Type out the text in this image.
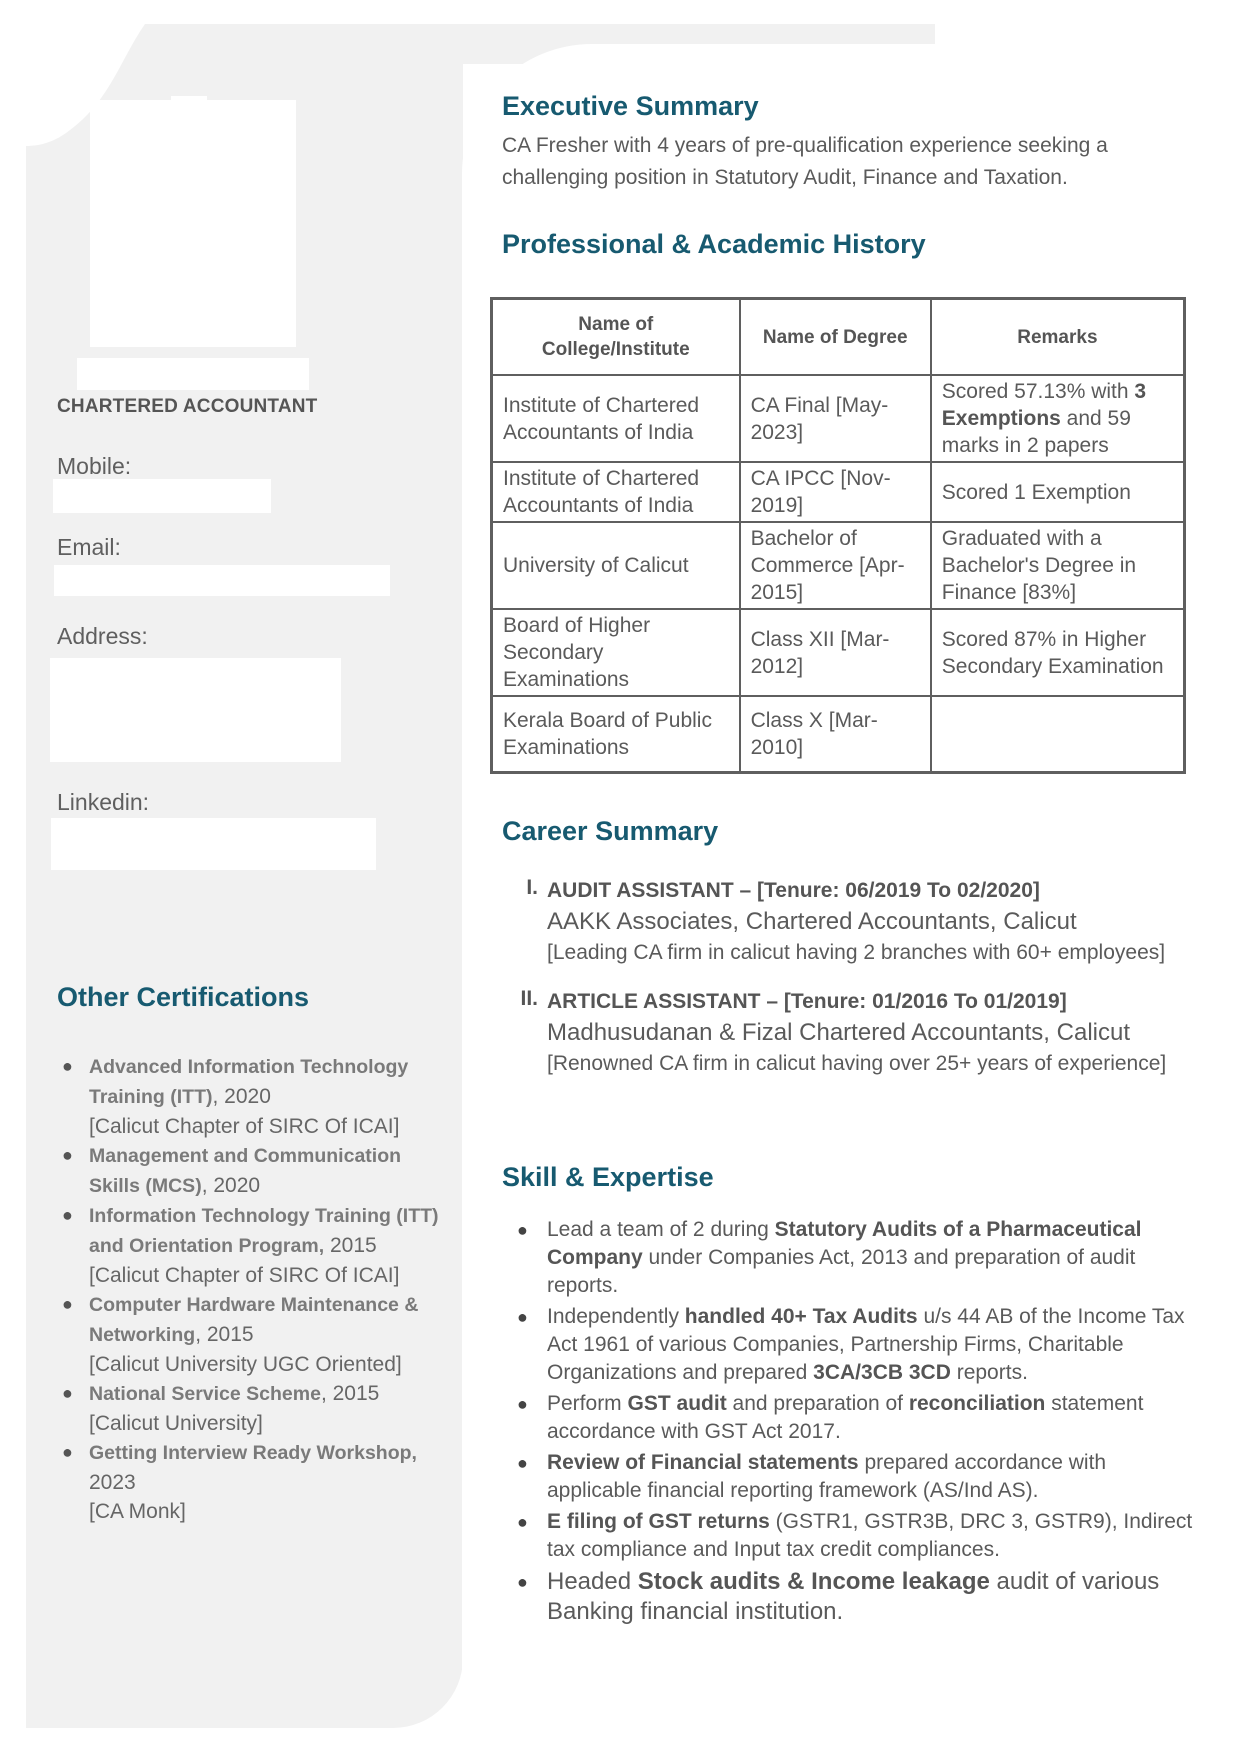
CHARTERED ACCOUNTANT
Mobile:
Email:
Address:
Linkedin:
Other Certifications
● Advanced Information Technology Training (ITT), 2020
[Calicut Chapter of SIRC Of ICAI]
● Management and Communication Skills (MCS), 2020
● Information Technology Training (ITT) and Orientation Program, 2015
[Calicut Chapter of SIRC Of ICAI]
● Computer Hardware Maintenance & Networking, 2015
[Calicut University UGC Oriented]
● National Service Scheme, 2015
[Calicut University]
● Getting Interview Ready Workshop, 2023
[CA Monk]
Executive Summary
CA Fresher with 4 years of pre-qualification experience seeking a challenging position in Statutory Audit, Finance and Taxation.
Professional & Academic History
Name of College/Institute	Name of Degree	Remarks
Institute of Chartered Accountants of India	CA Final [May-2023]	Scored 57.13% with 3 Exemptions and 59 marks in 2 papers
Institute of Chartered Accountants of India	CA IPCC [Nov-2019]	Scored 1 Exemption
University of Calicut	Bachelor of Commerce [Apr-2015]	Graduated with a Bachelor's Degree in Finance [83%]
Board of Higher Secondary Examinations	Class XII [Mar-2012]	Scored 87% in Higher Secondary Examination
Kerala Board of Public Examinations	Class X [Mar-2010]	
Career Summary
I. AUDIT ASSISTANT – [Tenure: 06/2019 To 02/2020]
AAKK Associates, Chartered Accountants, Calicut
[Leading CA firm in calicut having 2 branches with 60+ employees]
II. ARTICLE ASSISTANT – [Tenure: 01/2016 To 01/2019]
Madhusudanan & Fizal Chartered Accountants, Calicut
[Renowned CA firm in calicut having over 25+ years of experience]
Skill & Expertise
● Lead a team of 2 during Statutory Audits of a Pharmaceutical Company under Companies Act, 2013 and preparation of audit reports.
● Independently handled 40+ Tax Audits u/s 44 AB of the Income Tax Act 1961 of various Companies, Partnership Firms, Charitable Organizations and prepared 3CA/3CB 3CD reports.
● Perform GST audit and preparation of reconciliation statement accordance with GST Act 2017.
● Review of Financial statements prepared accordance with applicable financial reporting framework (AS/Ind AS).
● E filing of GST returns (GSTR1, GSTR3B, DRC 3, GSTR9), Indirect tax compliance and Input tax credit compliances.
● Headed Stock audits & Income leakage audit of various Banking financial institution.
